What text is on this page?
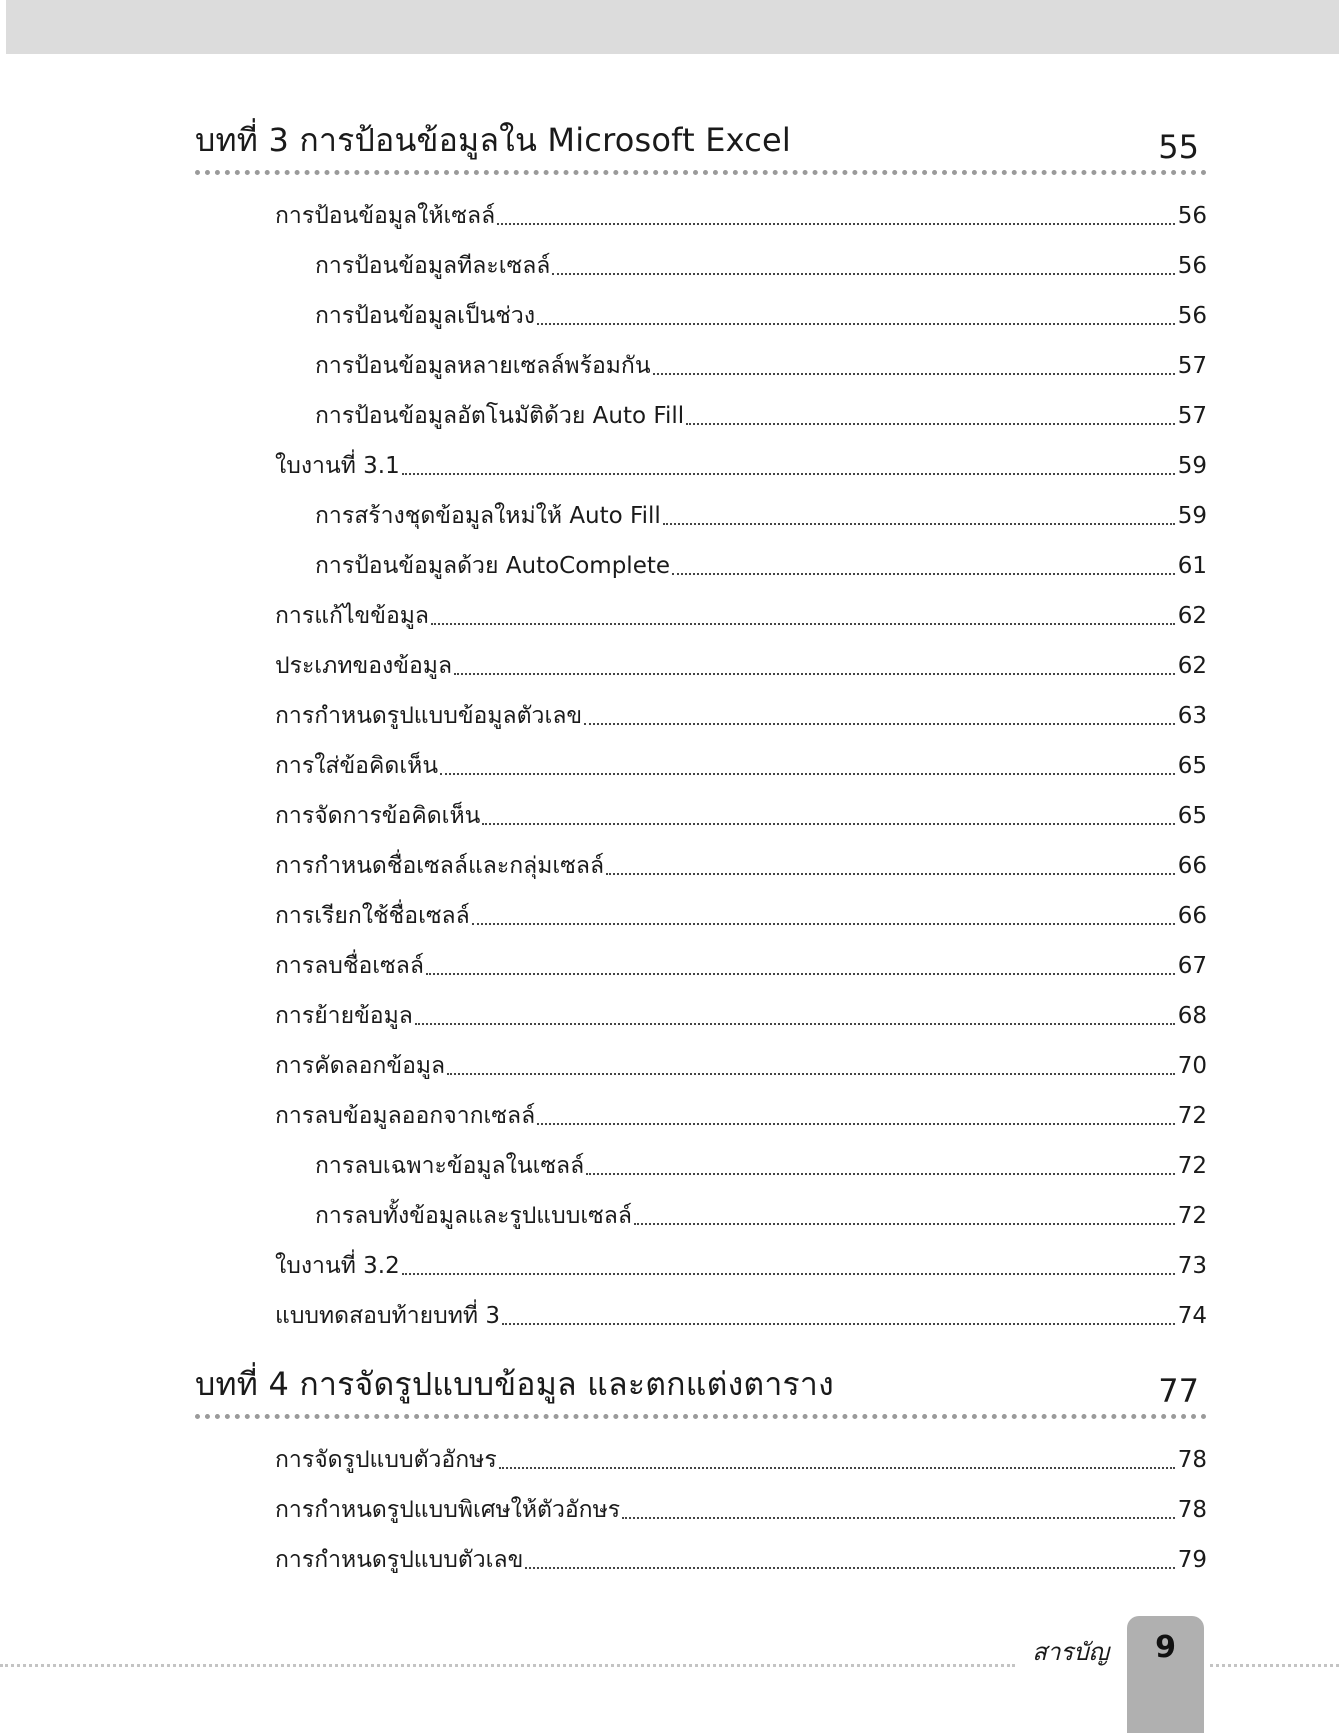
บทที่ 3 การป้อนข้อมูลใน Microsoft Excel	55
การป้อนข้อมูลให้เซลล์	56
การป้อนข้อมูลทีละเซลล์	56
การป้อนข้อมูลเป็นช่วง	56
การป้อนข้อมูลหลายเซลล์พร้อมกัน	57
การป้อนข้อมูลอัตโนมัติด้วย Auto Fill	57
ใบงานที่ 3.1	59
การสร้างชุดข้อมูลใหม่ให้ Auto Fill	59
การป้อนข้อมูลด้วย AutoComplete	61
การแก้ไขข้อมูล	62
ประเภทของข้อมูล	62
การกำหนดรูปแบบข้อมูลตัวเลข	63
การใส่ข้อคิดเห็น	65
การจัดการข้อคิดเห็น	65
การกำหนดชื่อเซลล์และกลุ่มเซลล์	66
การเรียกใช้ชื่อเซลล์	66
การลบชื่อเซลล์	67
การย้ายข้อมูล	68
การคัดลอกข้อมูล	70
การลบข้อมูลออกจากเซลล์	72
การลบเฉพาะข้อมูลในเซลล์	72
การลบทั้งข้อมูลและรูปแบบเซลล์	72
ใบงานที่ 3.2	73
แบบทดสอบท้ายบทที่ 3	74
บทที่ 4 การจัดรูปแบบข้อมูล และตกแต่งตาราง	77
การจัดรูปแบบตัวอักษร	78
การกำหนดรูปแบบพิเศษให้ตัวอักษร	78
การกำหนดรูปแบบตัวเลข	79
สารบัญ	9
